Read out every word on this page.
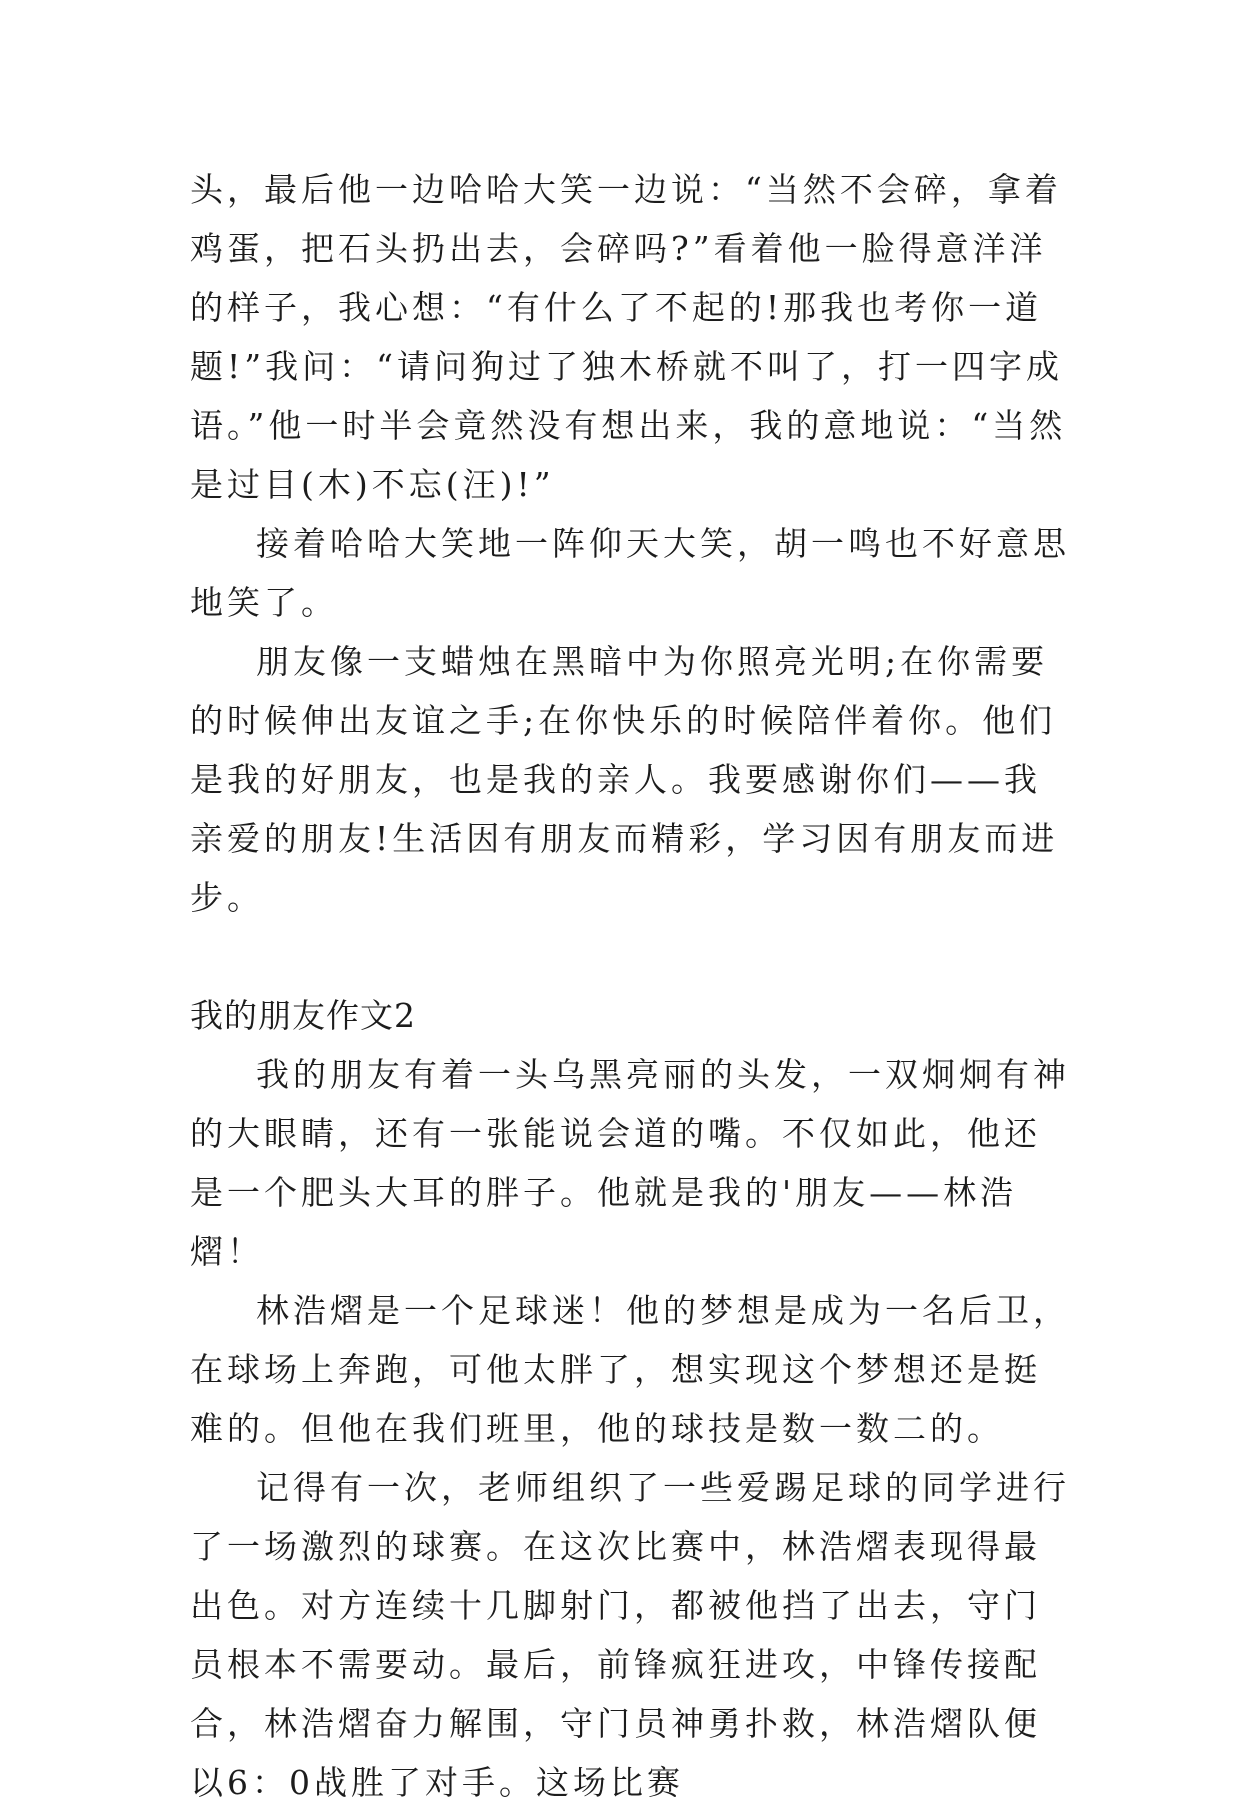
头，最后他一边哈哈大笑一边说：“当然不会碎，拿着鸡蛋，把石头扔出去，会碎吗?”看着他一脸得意洋洋的样子，我心想：“有什么了不起的!那我也考你一道题!”我问：“请问狗过了独木桥就不叫了，打一四字成语。”他一时半会竟然没有想出来，我的意地说：“当然是过目(木)不忘(汪)!”

接着哈哈大笑地一阵仰天大笑，胡一鸣也不好意思地笑了。

朋友像一支蜡烛在黑暗中为你照亮光明;在你需要的时候伸出友谊之手;在你快乐的时候陪伴着你。他们是我的好朋友，也是我的亲人。我要感谢你们——我亲爱的朋友!生活因有朋友而精彩，学习因有朋友而进步。

我的朋友作文2

我的朋友有着一头乌黑亮丽的头发，一双炯炯有神的大眼睛，还有一张能说会道的嘴。不仅如此，他还是一个肥头大耳的胖子。他就是我的'朋友——林浩熠！

林浩熠是一个足球迷！他的梦想是成为一名后卫，在球场上奔跑，可他太胖了，想实现这个梦想还是挺难的。但他在我们班里，他的球技是数一数二的。

记得有一次，老师组织了一些爱踢足球的同学进行了一场激烈的球赛。在这次比赛中，林浩熠表现得最出色。对方连续十几脚射门，都被他挡了出去，守门员根本不需要动。最后，前锋疯狂进攻，中锋传接配合，林浩熠奋力解围，守门员神勇扑救，林浩熠队便以6：0战胜了对手。这场比赛
